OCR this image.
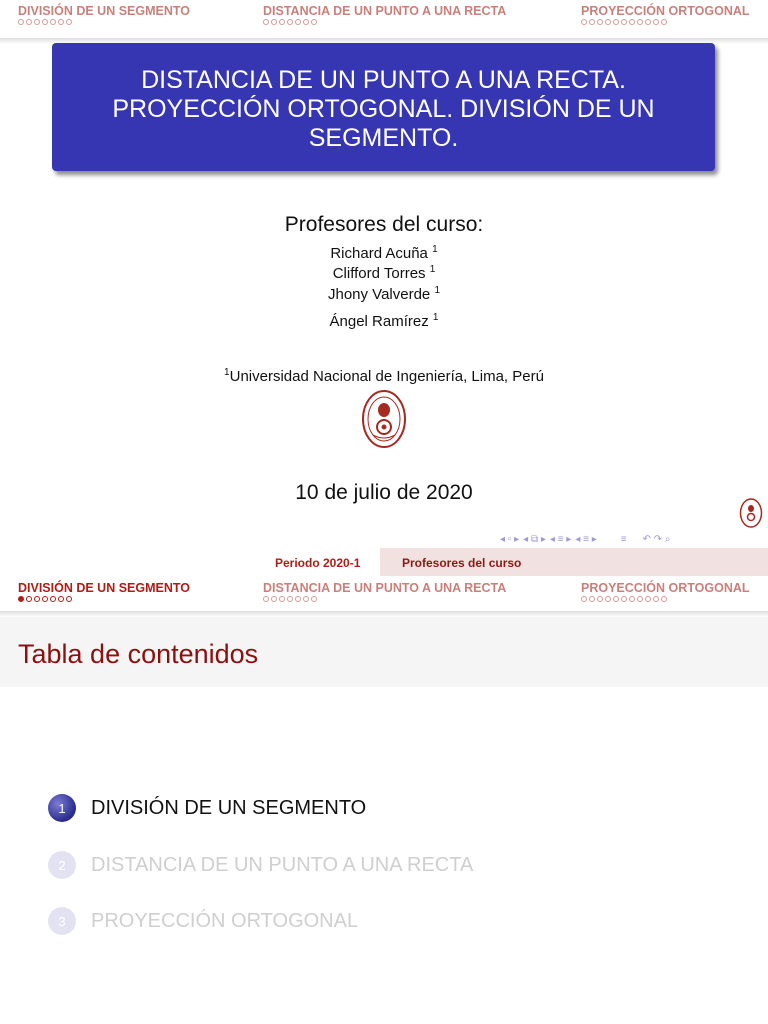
DIVISIÓN DE UN SEGMENTO	DISTANCIA DE UN PUNTO A UNA RECTA	PROYECCIÓN ORTOGONAL
DISTANCIA DE UN PUNTO A UNA RECTA.
PROYECCIÓN ORTOGONAL. DIVISIÓN DE UN
SEGMENTO.
Profesores del curso:
Richard Acuña $^1$
Clifford Torres $^1$
Jhony Valverde $^1$
Ángel Ramírez $^1$
$^1$Universidad Nacional de Ingeniería, Lima, Perú
10 de julio de 2020
◂ ▫ ▸ ◂ ⧉ ▸ ◂ ≡ ▸ ◂ ≡ ▸ ≡ ↶ ↷ ⌕
Periodo 2020-1	Profesores del curso
DIVISIÓN DE UN SEGMENTO	DISTANCIA DE UN PUNTO A UNA RECTA	PROYECCIÓN ORTOGONAL
Tabla de contenidos
1	DIVISIÓN DE UN SEGMENTO
2	DISTANCIA DE UN PUNTO A UNA RECTA
3	PROYECCIÓN ORTOGONAL
